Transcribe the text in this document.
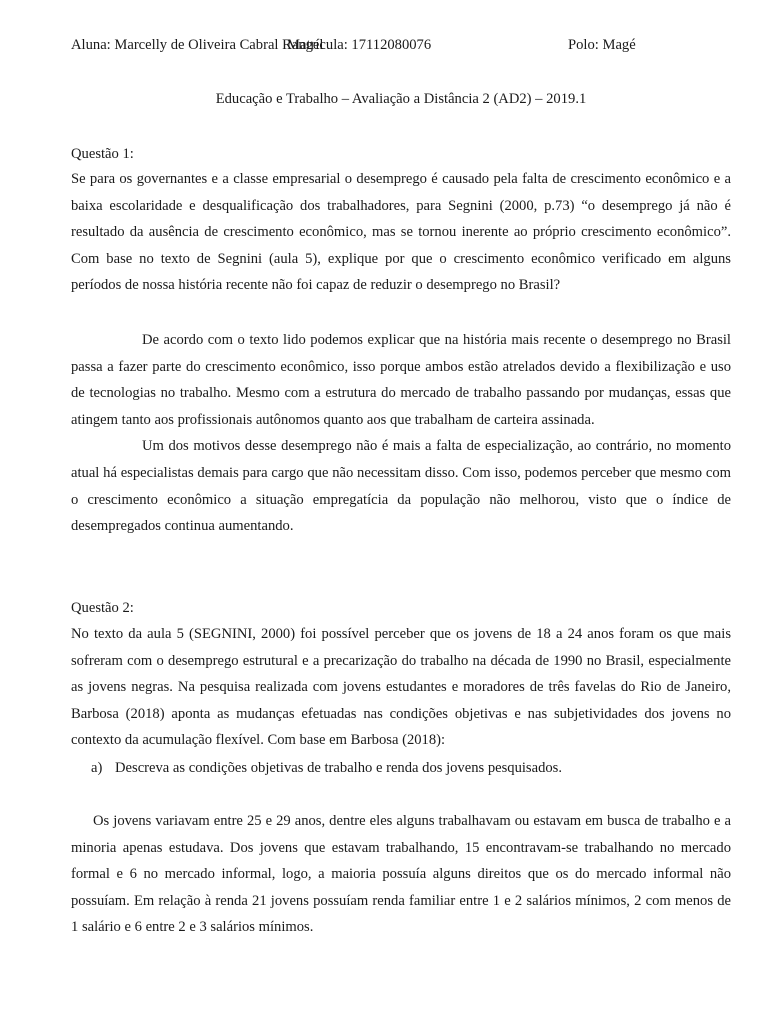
Aluna: Marcelly de Oliveira Cabral Rangel
Matrícula: 17112080076	Polo: Magé
Educação e Trabalho – Avaliação a Distância 2 (AD2) – 2019.1

Questão 1:

Se para os governantes e a classe empresarial o desemprego é causado pela falta de crescimento econômico e a baixa escolaridade e desqualificação dos trabalhadores, para Segnini (2000, p.73) “o desemprego já não é resultado da ausência de crescimento econômico, mas se tornou inerente ao próprio crescimento econômico”. Com base no texto de Segnini (aula 5), explique por que o crescimento econômico verificado em alguns períodos de nossa história recente não foi capaz de reduzir o desemprego no Brasil?

De acordo com o texto lido podemos explicar que na história mais recente o desemprego no Brasil passa a fazer parte do crescimento econômico, isso porque ambos estão atrelados devido a flexibilização e uso de tecnologias no trabalho. Mesmo com a estrutura do mercado de trabalho passando por mudanças, essas que atingem tanto aos profissionais autônomos quanto aos que trabalham de carteira assinada.

Um dos motivos desse desemprego não é mais a falta de especialização, ao contrário, no momento atual há especialistas demais para cargo que não necessitam disso. Com isso, podemos perceber que mesmo com o crescimento econômico a situação empregatícia da população não melhorou, visto que o índice de desempregados continua aumentando.

Questão 2:

No texto da aula 5 (SEGNINI, 2000) foi possível perceber que os jovens de 18 a 24 anos foram os que mais sofreram com o desemprego estrutural e a precarização do trabalho na década de 1990 no Brasil, especialmente as jovens negras. Na pesquisa realizada com jovens estudantes e moradores de três favelas do Rio de Janeiro, Barbosa (2018) aponta as mudanças efetuadas nas condições objetivas e nas subjetividades dos jovens no contexto da acumulação flexível. Com base em Barbosa (2018):

a) Descreva as condições objetivas de trabalho e renda dos jovens pesquisados.

Os jovens variavam entre 25 e 29 anos, dentre eles alguns trabalhavam ou estavam em busca de trabalho e a minoria apenas estudava. Dos jovens que estavam trabalhando, 15 encontravam-se trabalhando no mercado formal e 6 no mercado informal, logo, a maioria possuía alguns direitos que os do mercado informal não possuíam. Em relação à renda 21 jovens possuíam renda familiar entre 1 e 2 salários mínimos, 2 com menos de 1 salário e 6 entre 2 e 3 salários mínimos.
